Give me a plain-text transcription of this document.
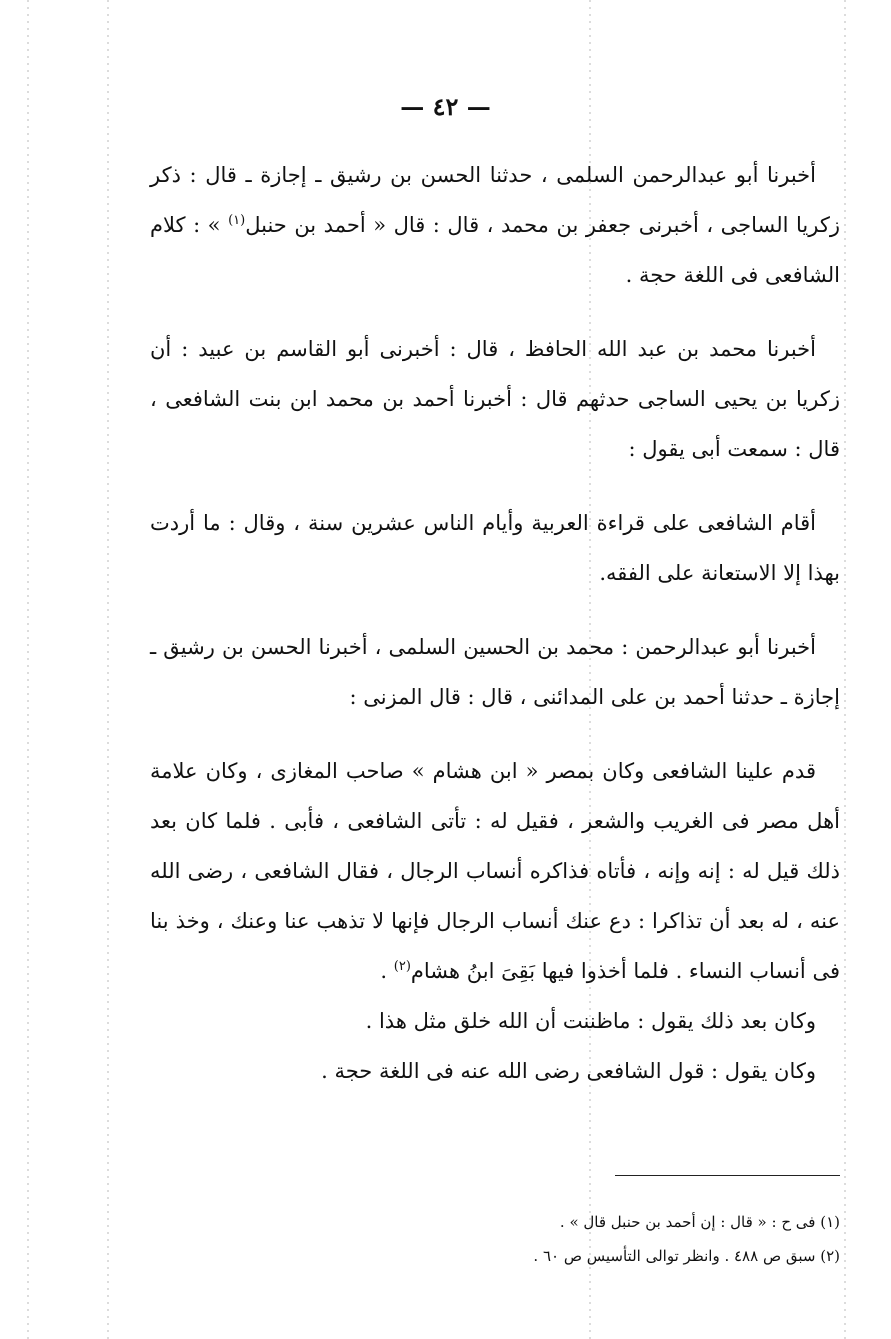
— ٤٢ —

أخبرنا أبو عبدالرحمن السلمى ، حدثنا الحسن بن رشيق ـ إجازة ـ قال : ذكر زكريا الساجى ، أخبرنى جعفر بن محمد ، قال : قال « أحمد بن حنبل$^{(١)}$ » : كلام الشافعى فى اللغة حجة .

أخبرنا محمد بن عبد الله الحافظ ، قال : أخبرنى أبو القاسم بن عبيد : أن زكريا بن يحيى الساجى حدثهم قال : أخبرنا أحمد بن محمد ابن بنت الشافعى ، قال : سمعت أبى يقول :

أقام الشافعى على قراءة العربية وأيام الناس عشرين سنة ، وقال : ما أردت بهذا إلا الاستعانة على الفقه.

أخبرنا أبو عبدالرحمن : محمد بن الحسين السلمى ، أخبرنا الحسن بن رشيق ـ إجازة ـ حدثنا أحمد بن على المدائنى ، قال : قال المزنى :

قدم علينا الشافعى وكان بمصر « ابن هشام » صاحب المغازى ، وكان علامة أهل مصر فى الغريب والشعر ، فقيل له : تأتى الشافعى ، فأبى . فلما كان بعد ذلك قيل له : إنه وإنه ، فأتاه فذاكره أنساب الرجال ، فقال الشافعى ، رضى الله عنه ، له بعد أن تذاكرا : دع عنك أنساب الرجال فإنها لا تذهب عنا وعنك ، وخذ بنا فى أنساب النساء . فلما أخذوا فيها بَقِىَ ابنُ هشام$^{(٢)}$ .

وكان بعد ذلك يقول : ماظننت أن الله خلق مثل هذا .

وكان يقول : قول الشافعى رضى الله عنه فى اللغة حجة .

(١) فى ح : « قال : إن أحمد بن حنبل قال » .

(٢) سبق ص ٤٨٨ . وانظر توالى التأسيس ص ٦٠ .
